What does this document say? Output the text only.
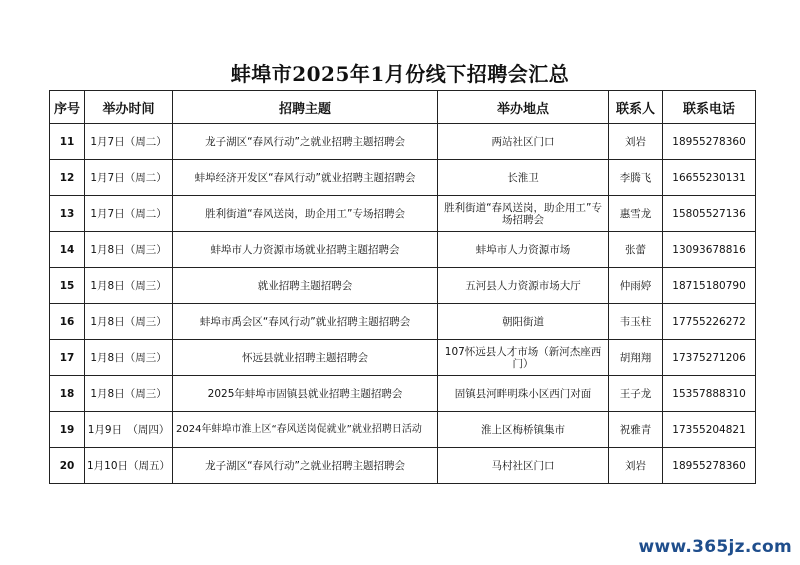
蚌埠市2025年1月份线下招聘会汇总
序号	举办时间	招聘主题	举办地点	联系人	联系电话
11	1月7日（周二）	龙子湖区“春风行动”之就业招聘主题招聘会	两站社区门口	刘岩	18955278360
12	1月7日（周二）	蚌埠经济开发区“春风行动”就业招聘主题招聘会	长淮卫	李腾飞	16655230131
13	1月7日（周二）	胜利街道“春风送岗，助企用工”专场招聘会	胜利街道“春风送岗，助企用工”专场招聘会	惠雪龙	15805527136
14	1月8日（周三）	蚌埠市人力资源市场就业招聘主题招聘会	蚌埠市人力资源市场	张蕾	13093678816
15	1月8日（周三）	就业招聘主题招聘会	五河县人力资源市场大厅	仲雨婷	18715180790
16	1月8日（周三）	蚌埠市禹会区“春风行动”就业招聘主题招聘会	朝阳街道	韦玉柱	17755226272
17	1月8日（周三）	怀远县就业招聘主题招聘会	107怀远县人才市场（新河杰座西门）	胡翔翔	17375271206
18	1月8日（周三）	2025年蚌埠市固镇县就业招聘主题招聘会	固镇县河畔明珠小区西门对面	王子龙	15357888310
19	1月9日　（周四）	2024年蚌埠市淮上区“春风送岗促就业”就业招聘日活动	淮上区梅桥镇集市	祝雅青	17355204821
20	1月10日（周五）	龙子湖区“春风行动”之就业招聘主题招聘会	马村社区门口	刘岩	18955278360
www.365jz.com
